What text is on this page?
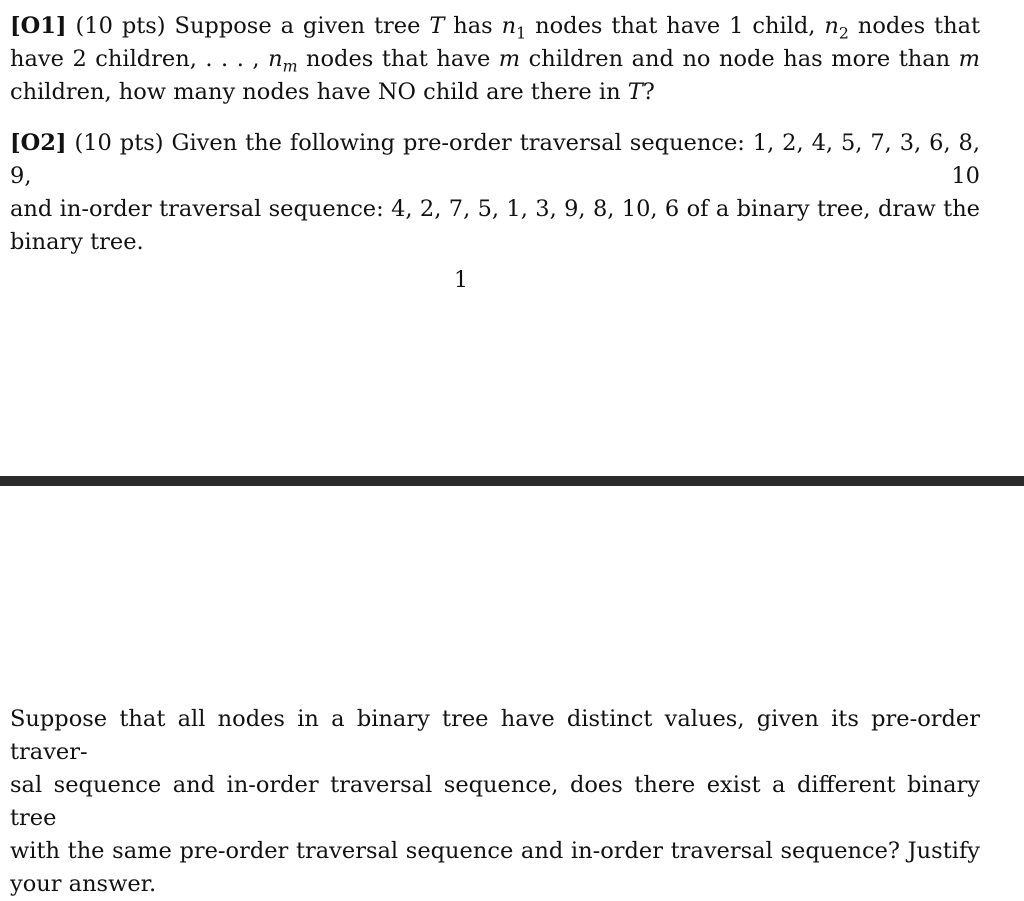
[O1] (10 pts) Suppose a given tree T has $n_1$ nodes that have 1 child, $n_2$ nodes that
have 2 children, . . . , $n_m$ nodes that have m children and no node has more than m
children, how many nodes have NO child are there in T?
[O2] (10 pts) Given the following pre-order traversal sequence: 1, 2, 4, 5, 7, 3, 6, 8, 9, 10
and in-order traversal sequence: 4, 2, 7, 5, 1, 3, 9, 8, 10, 6 of a binary tree, draw the
binary tree.
1
Suppose that all nodes in a binary tree have distinct values, given its pre-order traver-
sal sequence and in-order traversal sequence, does there exist a different binary tree
with the same pre-order traversal sequence and in-order traversal sequence? Justify
your answer.
